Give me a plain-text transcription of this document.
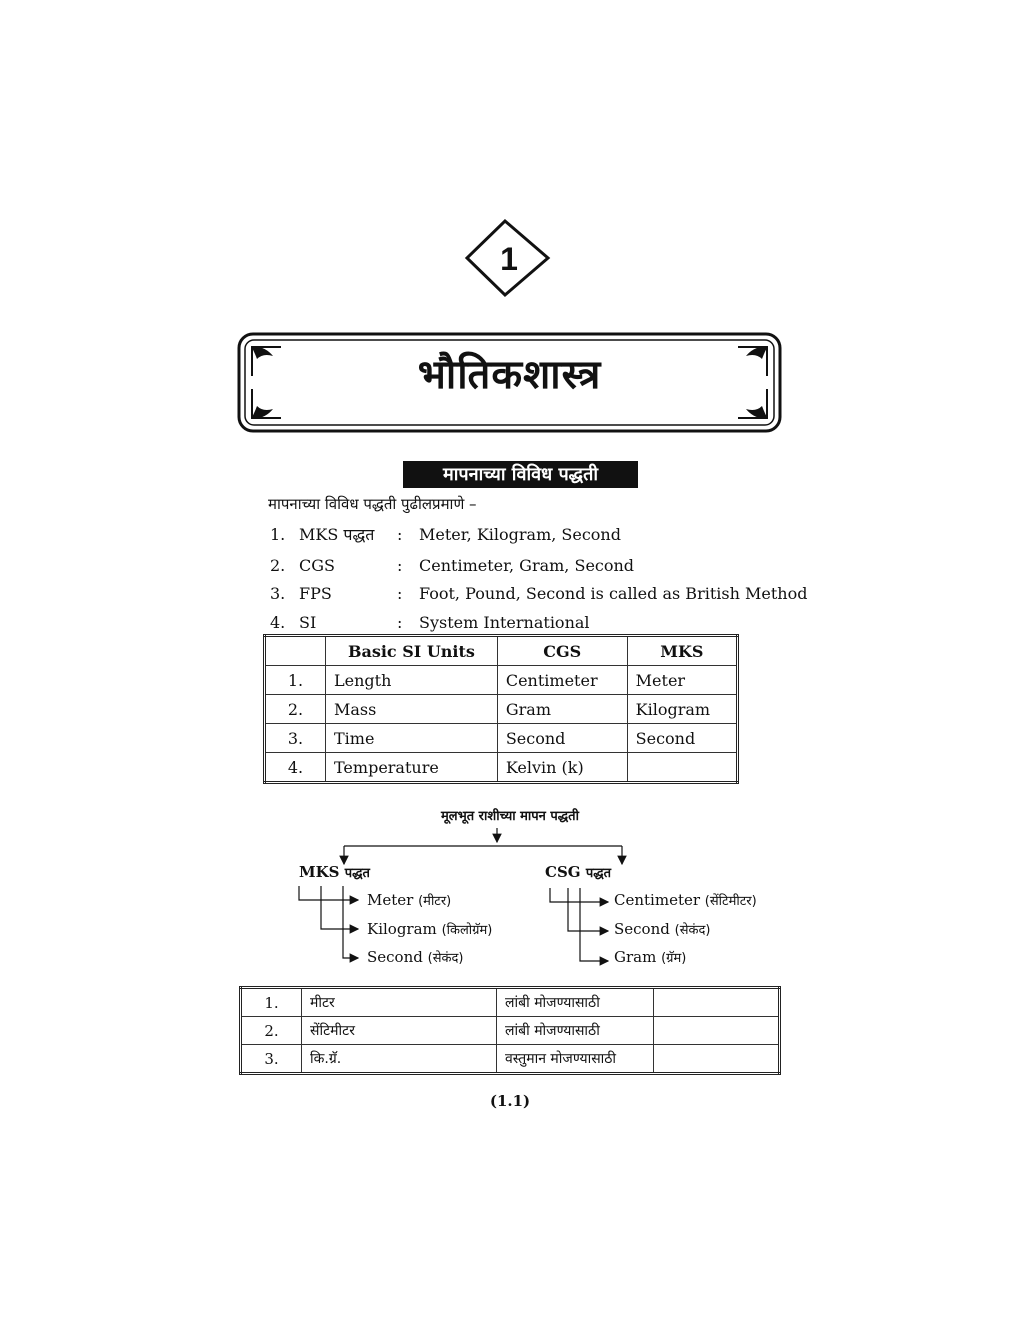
1
भौतिकशास्त्र
मापनाच्या विविध पद्धती
मापनाच्या विविध पद्धती पुढीलप्रमाणे –
1. MKS पद्धत : Meter, Kilogram, Second
2. CGS	: Centimeter, Gram, Second
3. FPS	: Foot, Pound, Second is called as British Method
4. SI	: System International
	Basic SI Units	CGS	MKS
1.	Length	Centimeter	Meter
2.	Mass	Gram	Kilogram
3.	Time	Second	Second
4.	Temperature	Kelvin (k)	
मूलभूत राशीच्या मापन पद्धती
MKS पद्धत	CSG पद्धत
Meter (मीटर)
Kilogram (किलोग्रॅम)
Second (सेकंद)
Centimeter (सेंटिमीटर)
Second (सेकंद)
Gram (ग्रॅम)
1.	मीटर	लांबी मोजण्यासाठी	
2.	सेंटिमीटर	लांबी मोजण्यासाठी	
3.	कि.ग्रॅ.	वस्तुमान मोजण्यासाठी	
(1.1)
